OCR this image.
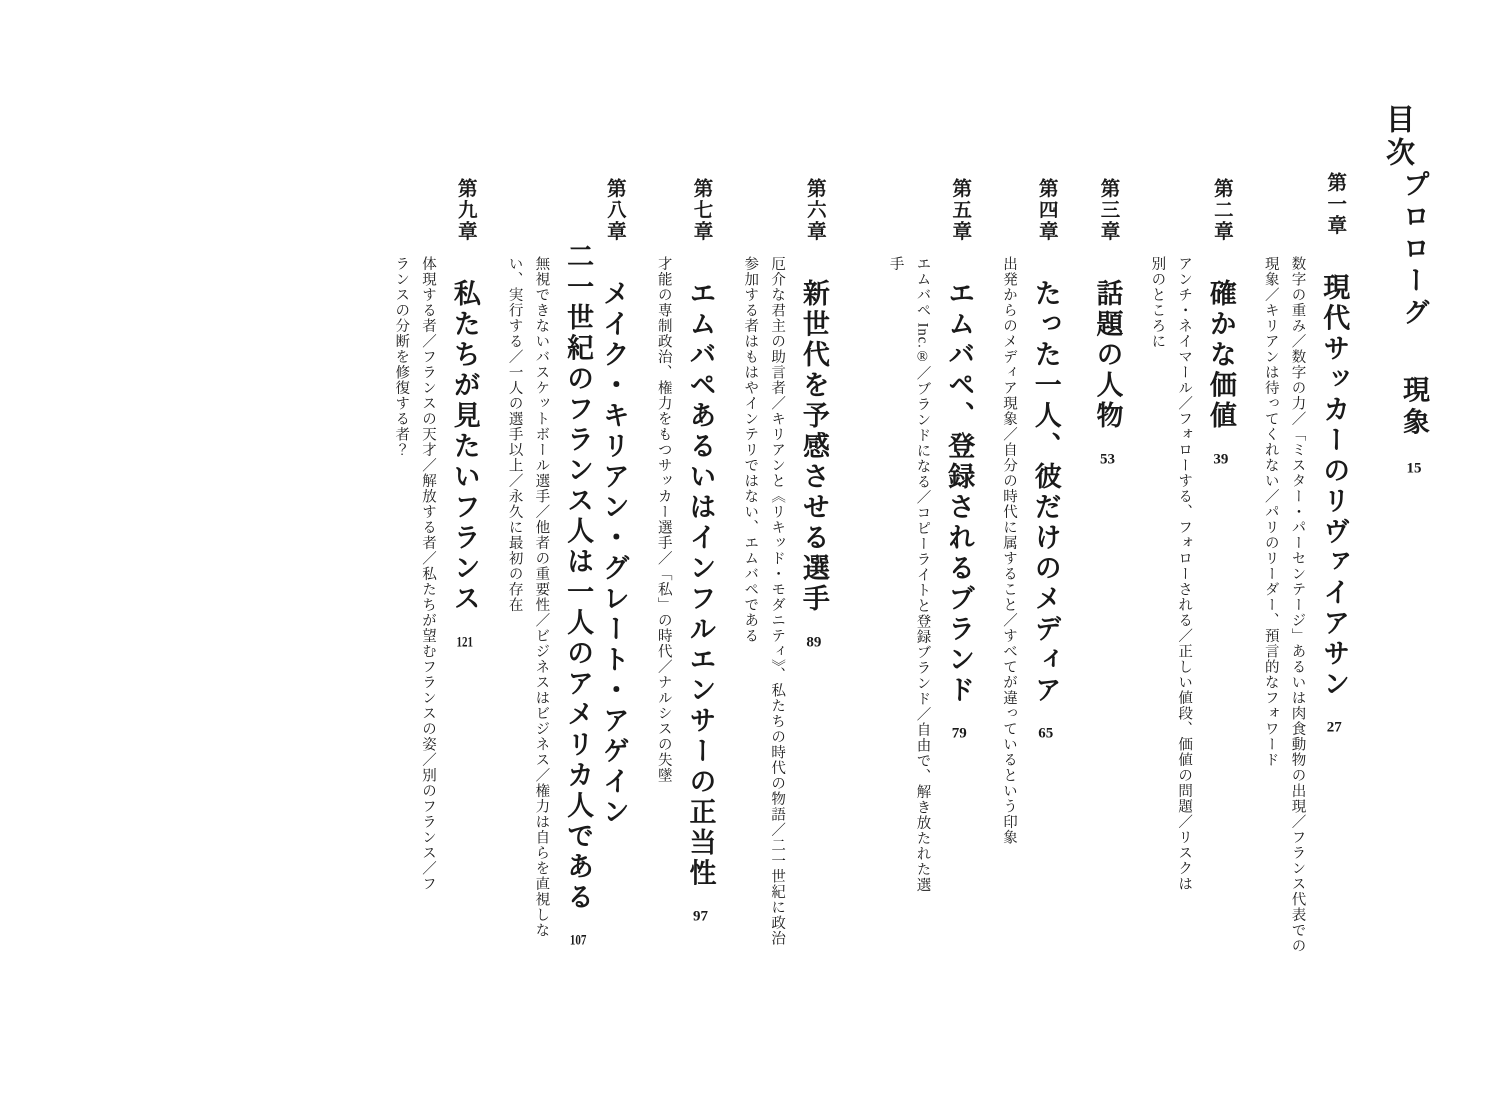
目次
プロローグ  現象 15
第一章  現代サッカーのリヴァイアサン 27
数字の重み／数字の力／「ミスター・パーセンテージ」あるいは肉食動物の出現／フランス代表での現象／キリアンは待ってくれない／パリのリーダー、預言的なフォワード
第二章  確かな価値 39
アンチ・ネイマール／フォローする、フォローされる／正しい値段、価値の問題／リスクは別のところに
第三章  話題の人物 53
第四章  たった一人、彼だけのメディア 65
出発からのメディア現象／自分の時代に属すること／すべてが違っているという印象
第五章  エムバペ、登録されるブランド 79
エムバペ Inc.®／ブランドになる／コピーライトと登録ブランド／自由で、解き放たれた選手
第六章  新世代を予感させる選手 89
厄介な君主の助言者／キリアンと《リキッド・モダニティ》、私たちの時代の物語／二一世紀に政治参加する者はもはやインテリではない、エムバペである
第七章  エムバペあるいはインフルエンサーの正当性 97
才能の専制政治、権力をもつサッカー選手／「私」の時代／ナルシスの失墜
第八章  メイク・キリアン・グレート・アゲイン
二一世紀のフランス人は一人のアメリカ人である 107
無視できないバスケットボール選手／他者の重要性／ビジネスはビジネス／権力は自らを直視しない、実行する／一人の選手以上／永久に最初の存在
第九章  私たちが見たいフランス 121
体現する者／フランスの天才／解放する者／私たちが望むフランスの姿／別のフランス／フランスの分断を修復する者？
